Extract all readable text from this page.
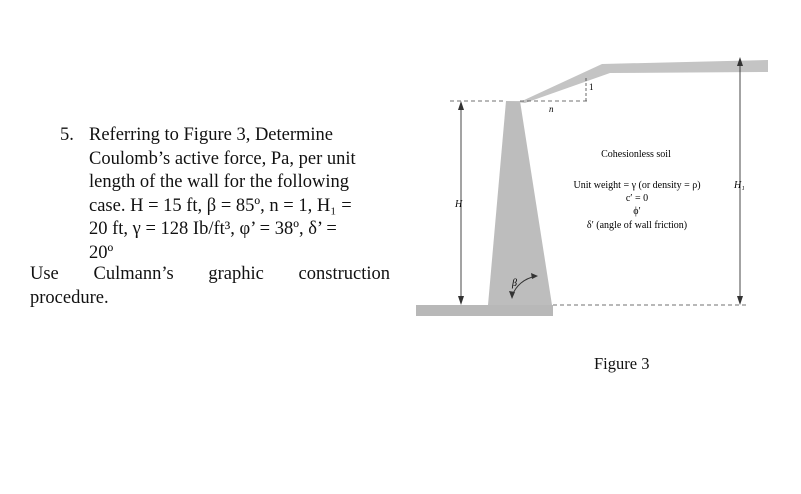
5. Referring to Figure 3, Determine
Coulomb’s active force, Pa, per unit
length of the wall for the following
case. H = 15 ft, β = 85º, n = 1, H₁ =
20 ft, γ = 128 Ib/ft³, φ’ = 38º, δ’ =
20º
Use Culmann’s graphic construction
procedure.
H
H₁
n
1
β
Cohesionless soil
Unit weight = γ (or density = ρ)
c′ = 0
ϕ′
δ′ (angle of wall friction)
Figure 3
